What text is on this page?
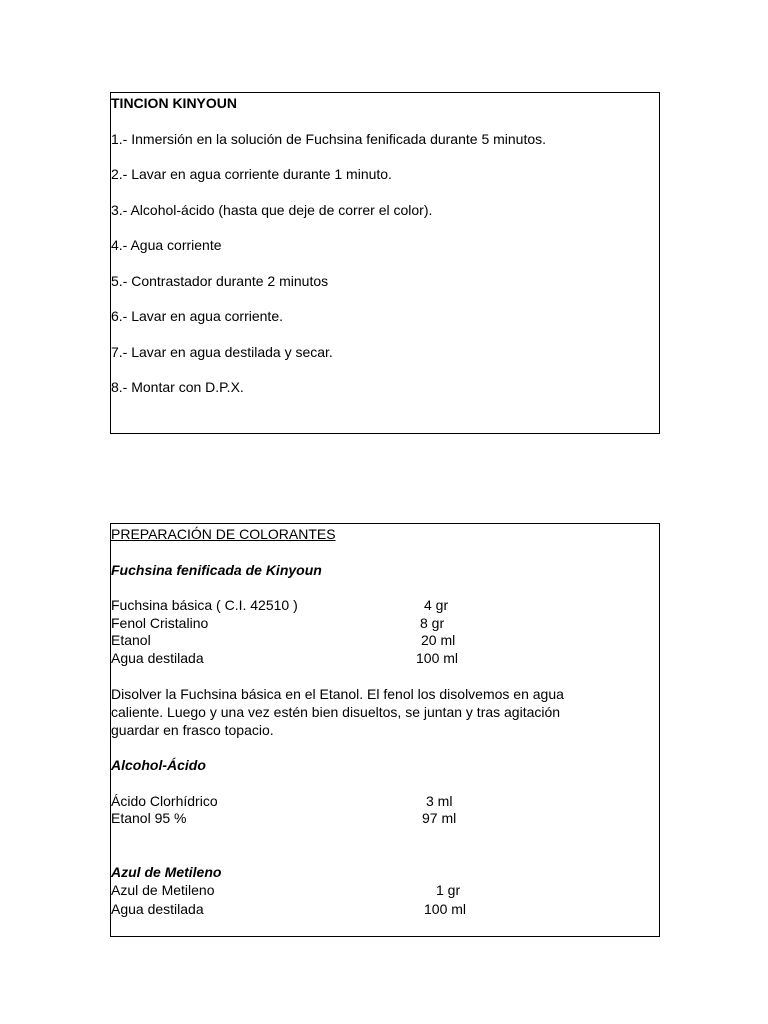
TINCION KINYOUN
1.- Inmersión en la solución de Fuchsina fenificada durante 5 minutos.
2.- Lavar en agua corriente durante 1 minuto.
3.- Alcohol-ácido (hasta que deje de correr el color).
4.- Agua corriente
5.- Contrastador durante 2 minutos
6.- Lavar en agua corriente.
7.- Lavar en agua destilada y secar.
8.- Montar con D.P.X.
PREPARACIÓN DE COLORANTES
Fuchsina fenificada de Kinyoun
Fuchsina básica ( C.I. 42510 )	4 gr
Fenol Cristalino	8 gr
Etanol	20 ml
Agua destilada	100 ml
Disolver la Fuchsina básica en el Etanol. El fenol los disolvemos en agua
caliente. Luego y una vez estén bien disueltos, se juntan y tras agitación
guardar en frasco topacio.
Alcohol-Ácido
Ácido Clorhídrico	3 ml
Etanol 95 %	97 ml
Azul de Metileno
Azul de Metileno	1 gr
Agua destilada	100 ml
